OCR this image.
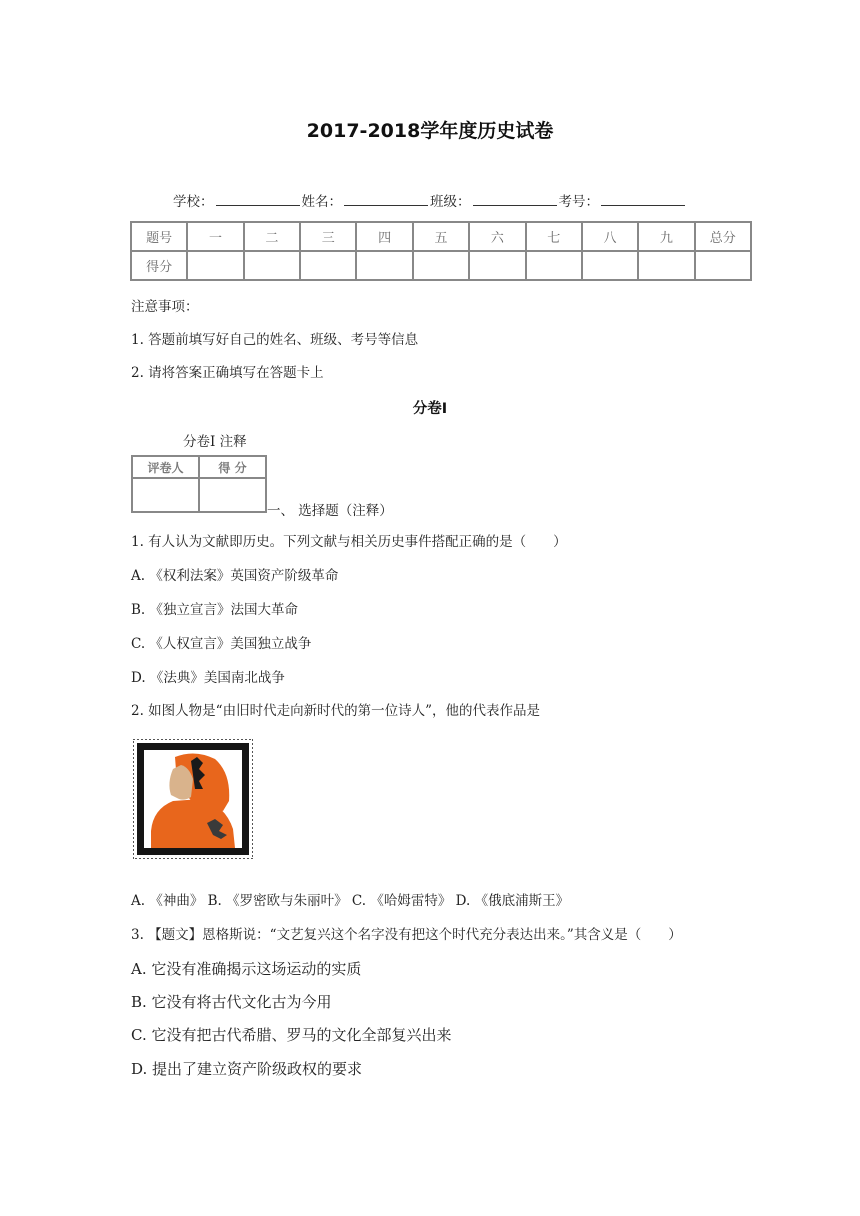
2017-2018学年度历史试卷
学校：	姓名：	班级：	考号：
题号	一	二	三	四	五	六	七	八	九	总分
得分										
注意事项：
1. 答题前填写好自己的姓名、班级、考号等信息
2. 请将答案正确填写在答题卡上
分卷I
分卷I 注释
评卷人	得 分

一、 选择题（注释）
1. 有人认为文献即历史。下列文献与相关历史事件搭配正确的是（　　）
A. 《权利法案》英国资产阶级革命
B. 《独立宣言》法国大革命
C. 《人权宣言》美国独立战争
D. 《法典》美国南北战争
2. 如图人物是“由旧时代走向新时代的第一位诗人”，他的代表作品是
A. 《神曲》 B. 《罗密欧与朱丽叶》 C. 《哈姆雷特》 D. 《俄底浦斯王》
3. 【题文】恩格斯说：“文艺复兴这个名字没有把这个时代充分表达出来。”其含义是（　　）
A. 它没有准确揭示这场运动的实质
B. 它没有将古代文化古为今用
C. 它没有把古代希腊、罗马的文化全部复兴出来
D. 提出了建立资产阶级政权的要求
